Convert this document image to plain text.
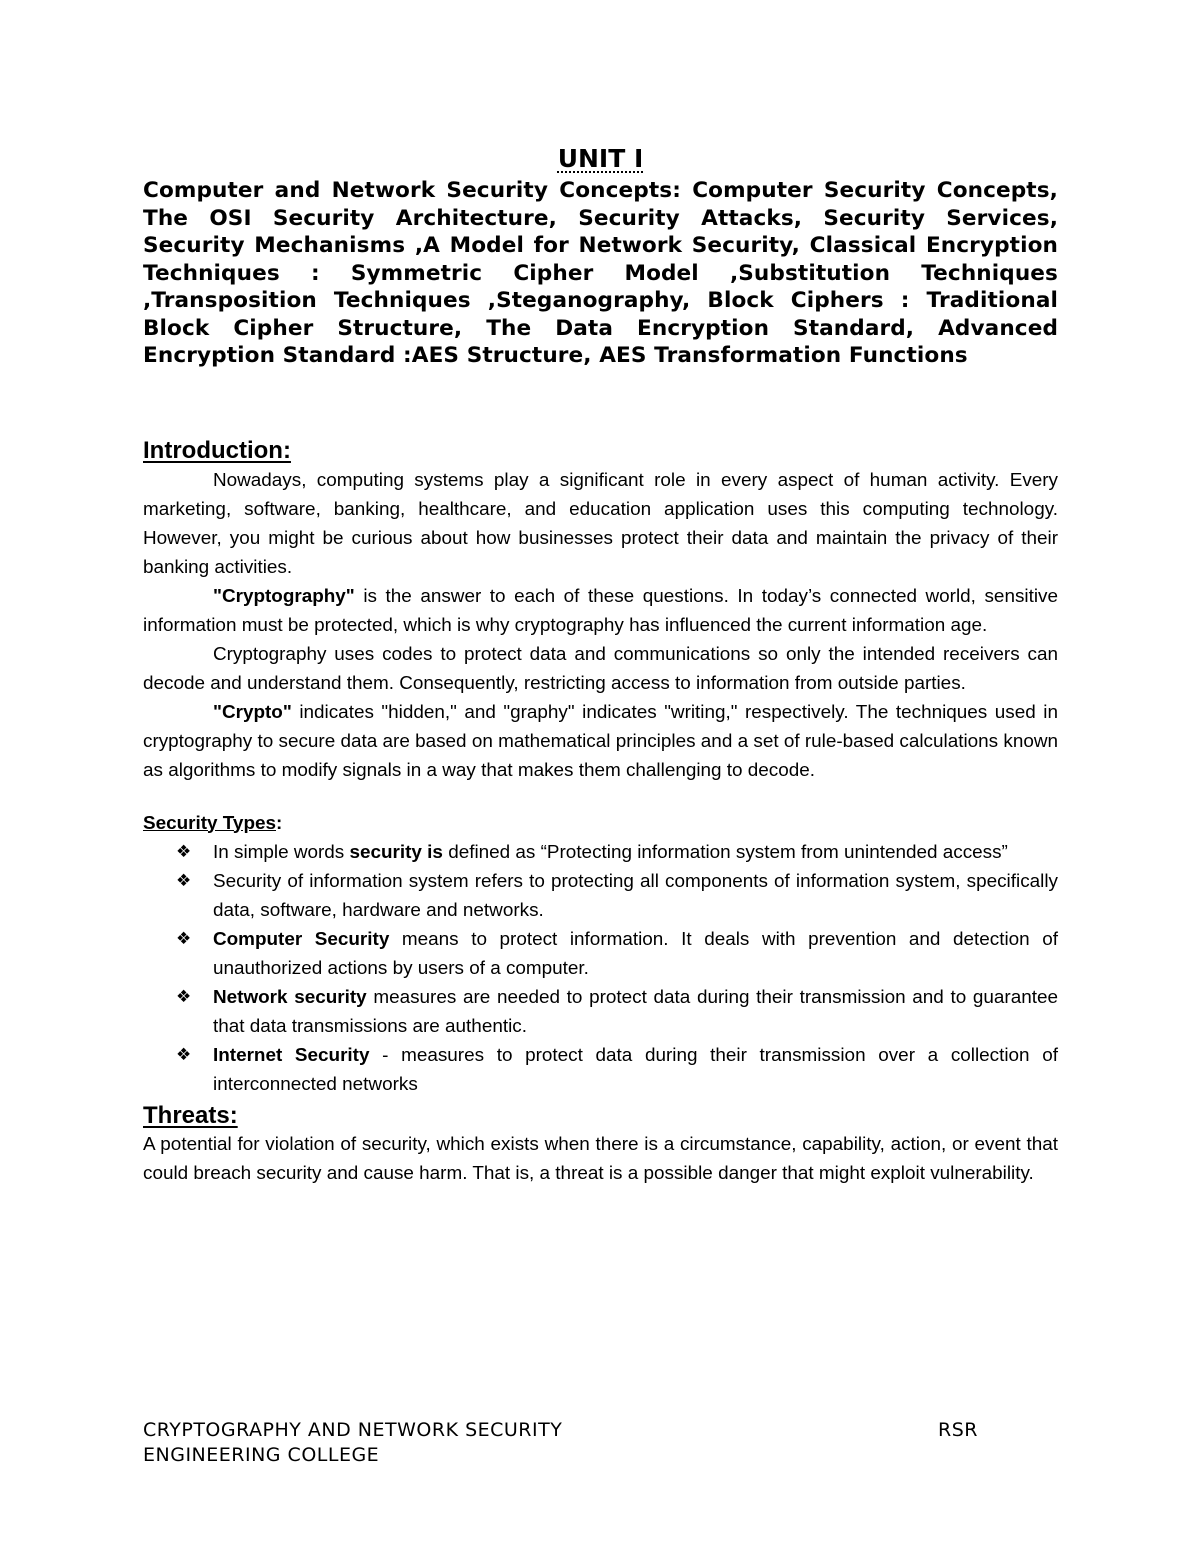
UNIT I

Computer and Network Security Concepts: Computer Security Concepts, The OSI Security Architecture, Security Attacks, Security Services, Security Mechanisms ,A Model for Network Security, Classical Encryption Techniques : Symmetric Cipher Model ,Substitution Techniques ,Transposition Techniques ,Steganography, Block Ciphers : Traditional Block Cipher Structure, The Data Encryption Standard, Advanced Encryption Standard :AES Structure, AES Transformation Functions

Introduction:

Nowadays, computing systems play a significant role in every aspect of human activity. Every marketing, software, banking, healthcare, and education application uses this computing technology. However, you might be curious about how businesses protect their data and maintain the privacy of their banking activities.

"Cryptography" is the answer to each of these questions. In today’s connected world, sensitive information must be protected, which is why cryptography has influenced the current information age.

Cryptography uses codes to protect data and communications so only the intended receivers can decode and understand them. Consequently, restricting access to information from outside parties.

"Crypto" indicates "hidden," and "graphy" indicates "writing," respectively. The techniques used in cryptography to secure data are based on mathematical principles and a set of rule-based calculations known as algorithms to modify signals in a way that makes them challenging to decode.

Security Types:

❖ In simple words security is defined as “Protecting information system from unintended access”
❖ Security of information system refers to protecting all components of information system, specifically data, software, hardware and networks.
❖ Computer Security means to protect information. It deals with prevention and detection of unauthorized actions by users of a computer.
❖ Network security measures are needed to protect data during their transmission and to guarantee that data transmissions are authentic.
❖ Internet Security - measures to protect data during their transmission over a collection of interconnected networks
Threats:

A potential for violation of security, which exists when there is a circumstance, capability, action, or event that could breach security and cause harm. That is, a threat is a possible danger that might exploit vulnerability.

CRYPTOGRAPHY AND NETWORK SECURITY	RSR
ENGINEERING COLLEGE
